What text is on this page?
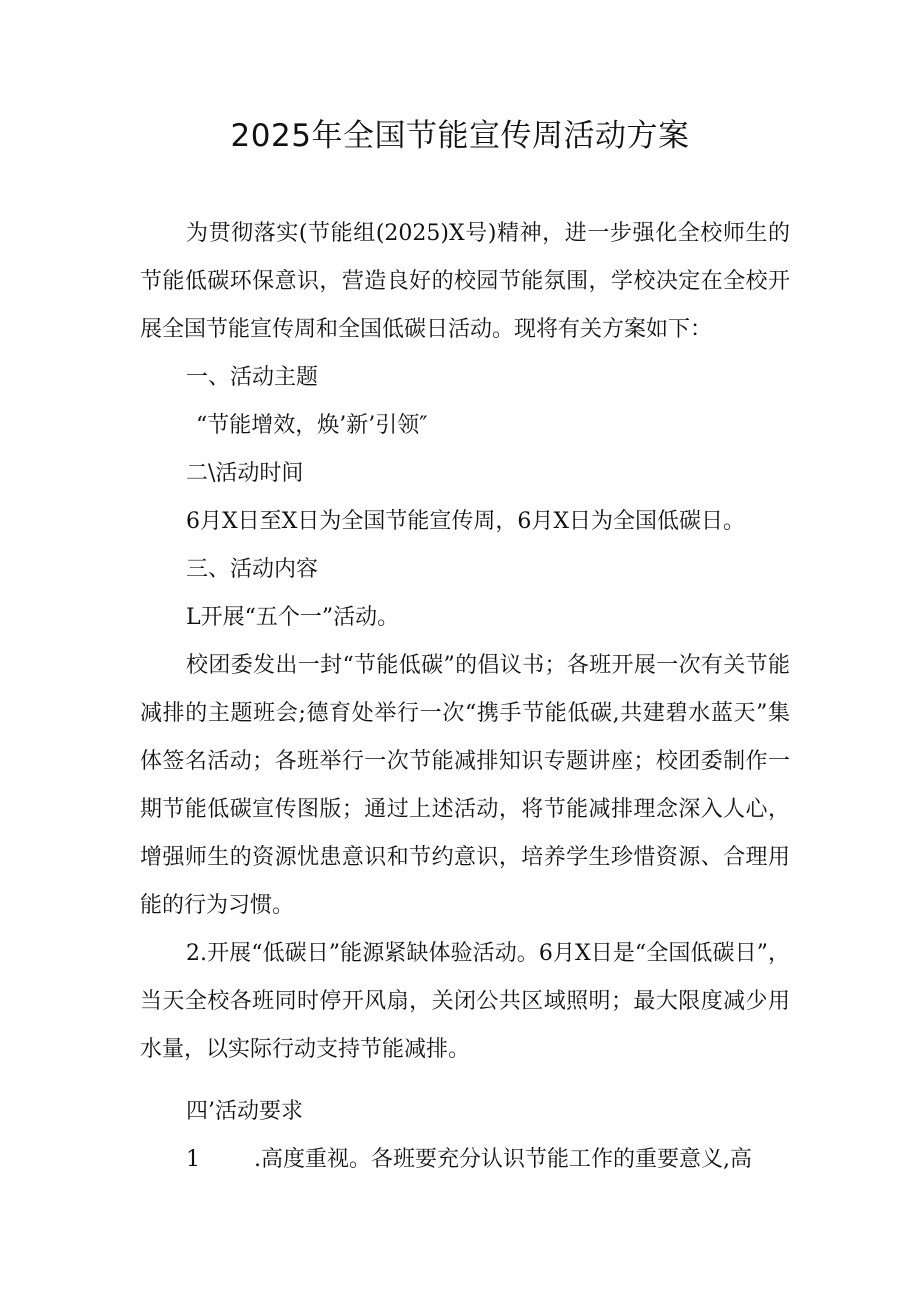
2025年全国节能宣传周活动方案

为贯彻落实(节能组(2025)X号)精神，进一步强化全校师生的节能低碳环保意识，营造良好的校园节能氛围，学校决定在全校开展全国节能宣传周和全国低碳日活动。现将有关方案如下：

一、活动主题

“节能增效，焕’新’引领″

二\活动时间

6月X日至X日为全国节能宣传周，6月X日为全国低碳日。

三、活动内容

L开展“五个一”活动。

校团委发出一封“节能低碳”的倡议书；各班开展一次有关节能减排的主题班会;德育处举行一次“携手节能低碳,共建碧水蓝天”集体签名活动；各班举行一次节能减排知识专题讲座；校团委制作一期节能低碳宣传图版；通过上述活动，将节能减排理念深入人心，增强师生的资源忧患意识和节约意识，培养学生珍惜资源、合理用能的行为习惯。

2.开展“低碳日”能源紧缺体验活动。6月X日是“全国低碳日”，当天全校各班同时停开风扇，关闭公共区域照明；最大限度减少用水量，以实际行动支持节能减排。

四’活动要求

1 .高度重视。各班要充分认识节能工作的重要意义,高
